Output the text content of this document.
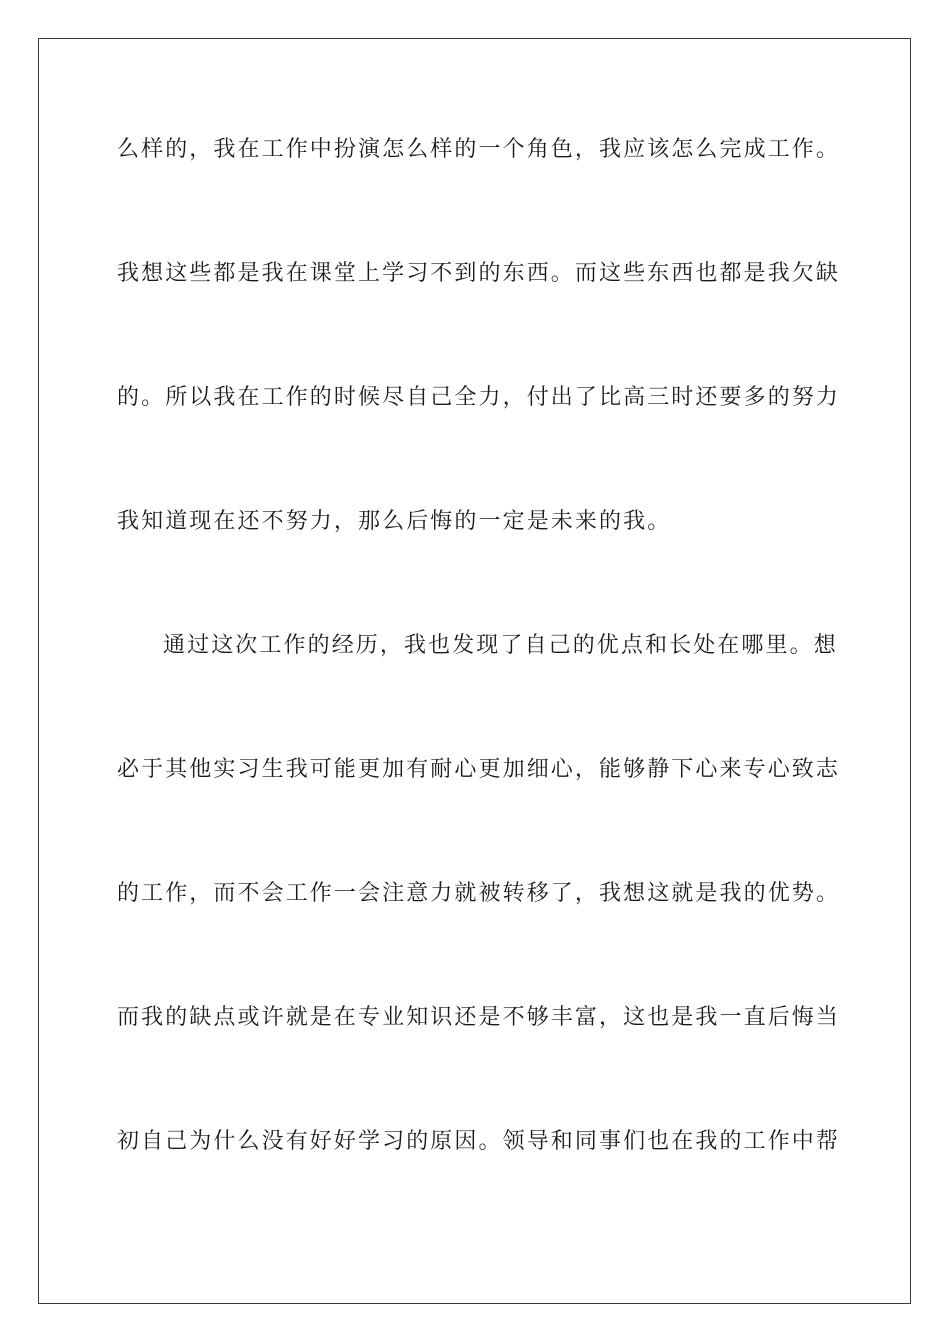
么样的，我在工作中扮演怎么样的一个角色，我应该怎么完成工作。
我想这些都是我在课堂上学习不到的东西。而这些东西也都是我欠缺
的。所以我在工作的时候尽自己全力，付出了比高三时还要多的努力
我知道现在还不努力，那么后悔的一定是未来的我。
通过这次工作的经历，我也发现了自己的优点和长处在哪里。想
必于其他实习生我可能更加有耐心更加细心，能够静下心来专心致志
的工作，而不会工作一会注意力就被转移了，我想这就是我的优势。
而我的缺点或许就是在专业知识还是不够丰富，这也是我一直后悔当
初自己为什么没有好好学习的原因。领导和同事们也在我的工作中帮
